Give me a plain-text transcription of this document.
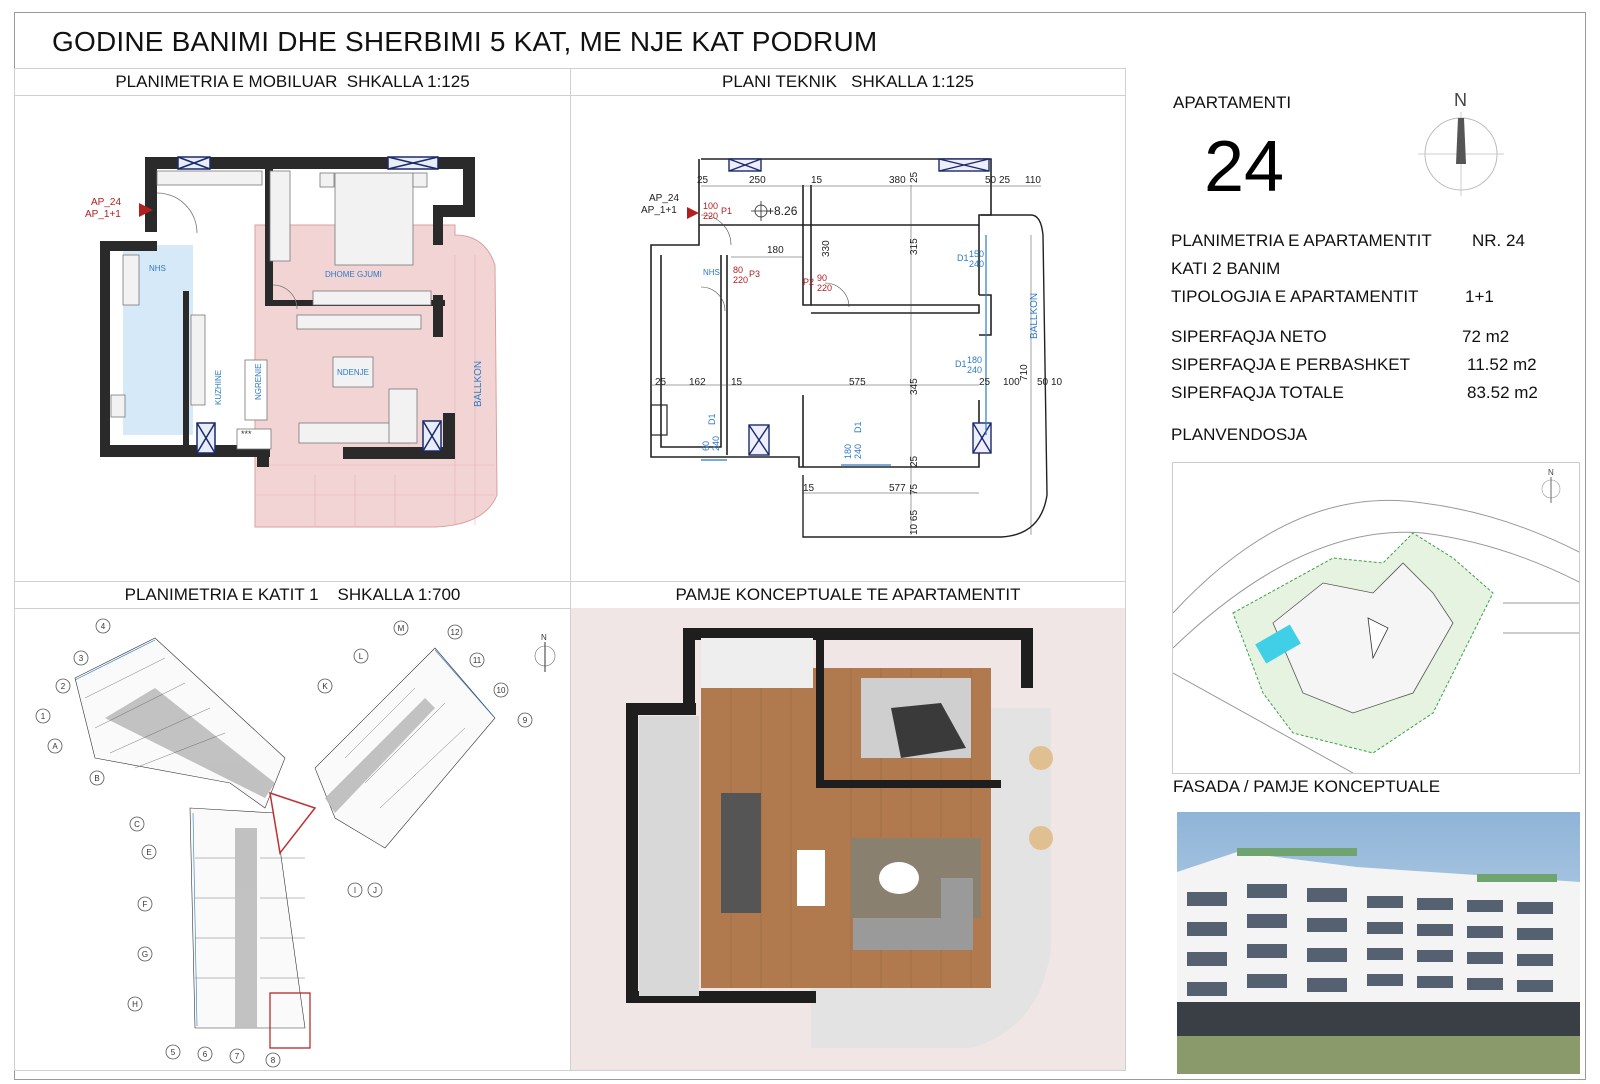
GODINE BANIMI DHE SHERBIMI 5 KAT, ME NJE KAT PODRUM
PLANIMETRIA E MOBILUAR  SHKALLA 1:125
AP_24
AP_1+1
NHS
DHOME GJUMI
KUZHINE	NGRENIE	NDENJE	BALLKON
***
PLANI TEKNIK   SHKALLA 1:125
25	250	15	380	50 25 110
180	330	315
25
25 162	15	575	345	25 100 50 10
710
15	577 75
25
10 65
AP_24
AP_1+1	+8.26
100
220 P1
80
220
P3
P2 90
220
D1 150
240
D1 180
240
D1
60 240
D1
180 240
NHS
BALLKON
PLANIMETRIA E KATIT 1    SHKALLA 1:700
N
A
B
C
E
F
G
H
M
L
K
J
I
1
2
3
4
5	6	7	8
9
10
11
12
PAMJE KONCEPTUALE TE APARTAMENTIT
APARTAMENTI
24
N
PLANIMETRIA E APARTAMENTIT NR. 24
KATI 2 BANIM
TIPOLOGJIA E APARTAMENTIT	1+1
SIPERFAQJA NETO	72 m2
SIPERFAQJA E PERBASHKET	11.52 m2
SIPERFAQJA TOTALE	83.52 m2
PLANVENDOSJA
N
FASADA / PAMJE KONCEPTUALE
